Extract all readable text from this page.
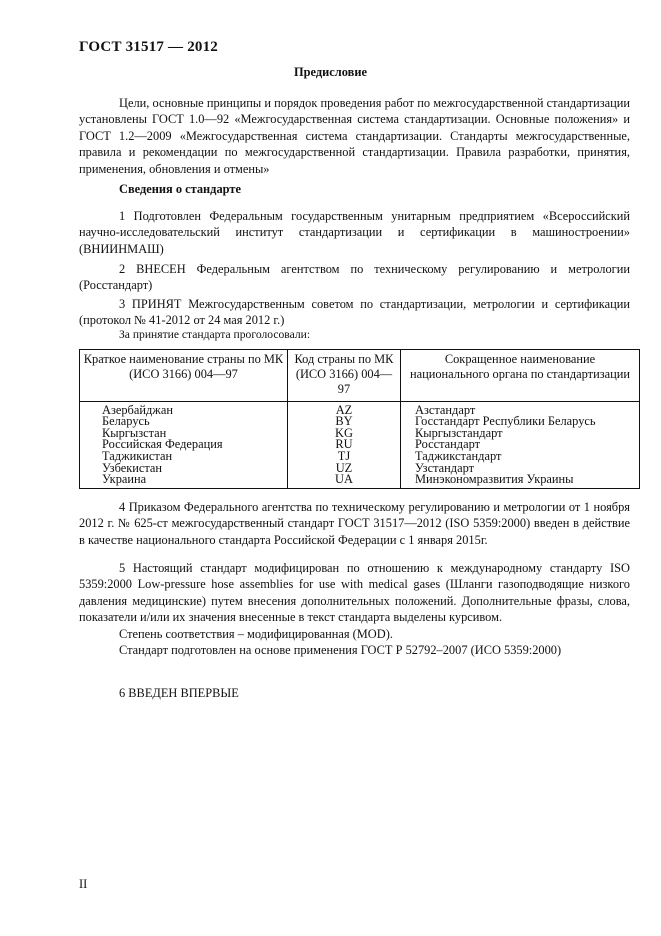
ГОСТ 31517 — 2012
Предисловие

Цели, основные принципы и порядок проведения работ по межгосударственной стандартизации установлены ГОСТ 1.0—92 «Межгосударственная система стандартизации. Основные положения» и ГОСТ 1.2—2009 «Межгосударственная система стандартизации. Стандарты межгосударственные, правила и рекомендации по межгосударственной стандартизации. Правила разработки, принятия, применения, обновления и отмены»

Сведения о стандарте

1 Подготовлен Федеральным государственным унитарным предприятием «Всероссийский научно-исследовательский институт стандартизации и сертификации в машиностроении» (ВНИИНМАШ)

2 ВНЕСЕН Федеральным агентством по техническому регулированию и метрологии (Росстандарт)

3 ПРИНЯТ Межгосударственным советом по стандартизации, метрологии и сертификации (протокол № 41-2012 от 24 мая 2012 г.)

За принятие стандарта проголосовали:
Краткое наименование страны по МК (ИСО 3166) 004—97	Код страны по МК (ИСО 3166) 004—97	Сокращенное наименование национального органа по стандартизации
Азербайджан	AZ	Азстандарт
Беларусь	BY	Госстандарт Республики Беларусь
Кыргызстан	KG	Кыргызстандарт
Российская Федерация	RU	Росстандарт
Таджикистан	TJ	Таджикстандарт
Узбекистан	UZ	Узстандарт
Украина	UA	Минэкономразвития Украины

4 Приказом Федерального агентства по техническому регулированию и метрологии от 1 ноября 2012 г. № 625-ст межгосударственный стандарт ГОСТ 31517—2012 (ISO 5359:2000) введен в действие в качестве национального стандарта Российской Федерации с 1 января 2015г.

5 Настоящий стандарт модифицирован по отношению к международному стандарту ISO 5359:2000 Low-pressure hose assemblies for use with medical gases (Шланги газоподводящие низкого давления медицинские) путем внесения дополнительных положений. Дополнительные фразы, слова, показатели и/или их значения внесенные в текст стандарта выделены курсивом.

Степень соответствия – модифицированная (MOD).

Стандарт подготовлен на основе применения ГОСТ Р 52792–2007 (ИСО 5359:2000)

6 ВВЕДЕН ВПЕРВЫЕ
II
